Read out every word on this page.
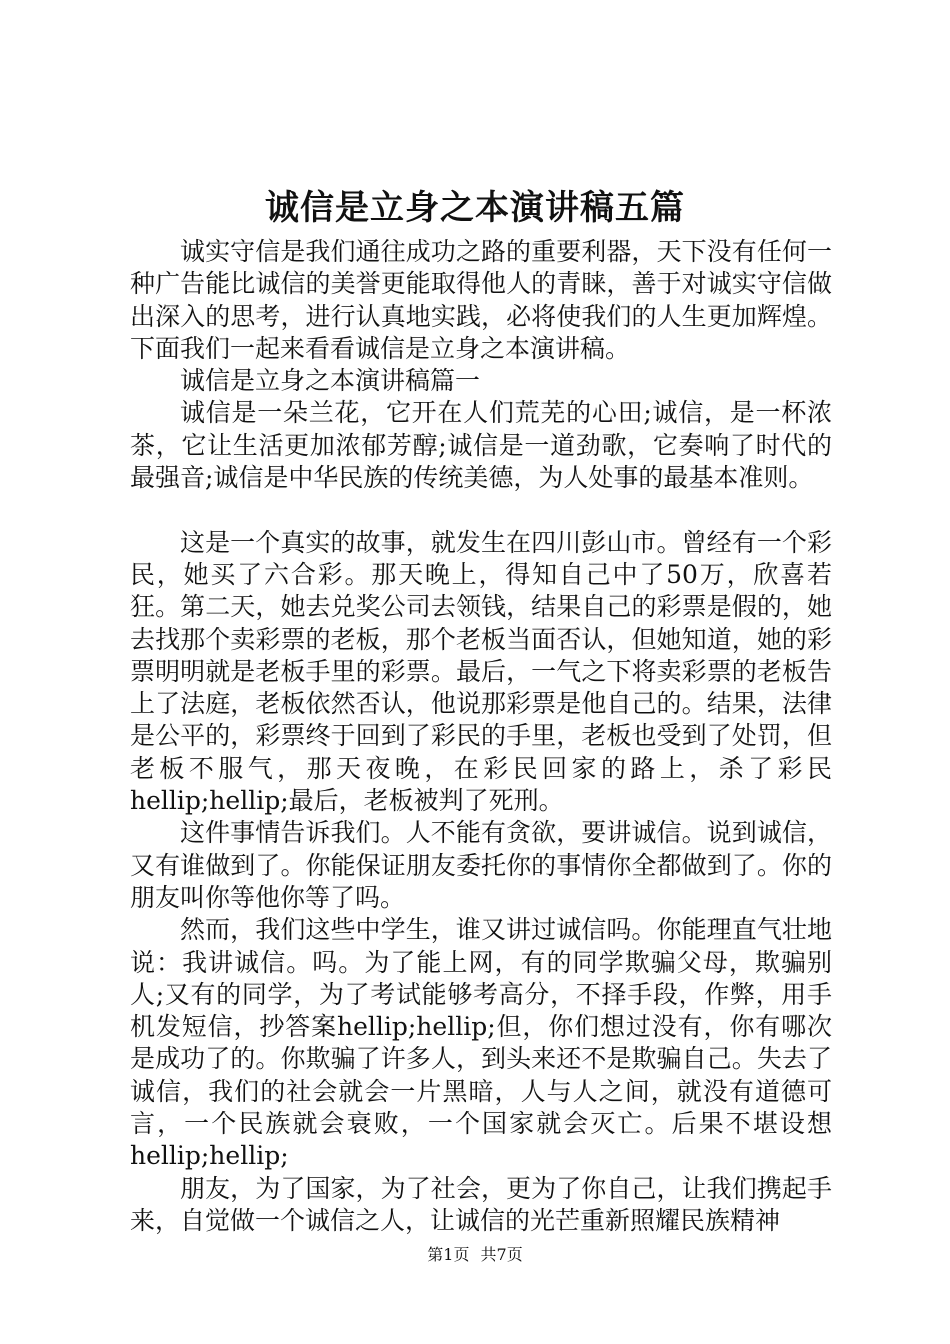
诚信是立身之本演讲稿五篇

诚实守信是我们通往成功之路的重要利器，天下没有任何一种广告能比诚信的美誉更能取得他人的青睐，善于对诚实守信做出深入的思考，进行认真地实践，必将使我们的人生更加辉煌。下面我们一起来看看诚信是立身之本演讲稿。

诚信是立身之本演讲稿篇一

诚信是一朵兰花，它开在人们荒芜的心田;诚信，是一杯浓茶，它让生活更加浓郁芳醇;诚信是一道劲歌，它奏响了时代的最强音;诚信是中华民族的传统美德，为人处事的最基本准则。

这是一个真实的故事，就发生在四川彭山市。曾经有一个彩民，她买了六合彩。那天晚上，得知自己中了50万，欣喜若狂。第二天，她去兑奖公司去领钱，结果自己的彩票是假的，她去找那个卖彩票的老板，那个老板当面否认，但她知道，她的彩票明明就是老板手里的彩票。最后，一气之下将卖彩票的老板告上了法庭，老板依然否认，他说那彩票是他自己的。结果，法律是公平的，彩票终于回到了彩民的手里，老板也受到了处罚，但老板不服气，那天夜晚，在彩民回家的路上，杀了彩民hellip;hellip;最后，老板被判了死刑。

这件事情告诉我们。人不能有贪欲，要讲诚信。说到诚信，又有谁做到了。你能保证朋友委托你的事情你全都做到了。你的朋友叫你等他你等了吗。

然而，我们这些中学生，谁又讲过诚信吗。你能理直气壮地说：我讲诚信。吗。为了能上网，有的同学欺骗父母，欺骗别人;又有的同学，为了考试能够考高分，不择手段，作弊，用手机发短信，抄答案hellip;hellip;但，你们想过没有，你有哪次是成功了的。你欺骗了许多人，到头来还不是欺骗自己。失去了诚信，我们的社会就会一片黑暗，人与人之间，就没有道德可言，一个民族就会衰败，一个国家就会灭亡。后果不堪设想hellip;hellip;

朋友，为了国家，为了社会，更为了你自己，让我们携起手来，自觉做一个诚信之人，让诚信的光芒重新照耀民族精神

第1页 共7页
